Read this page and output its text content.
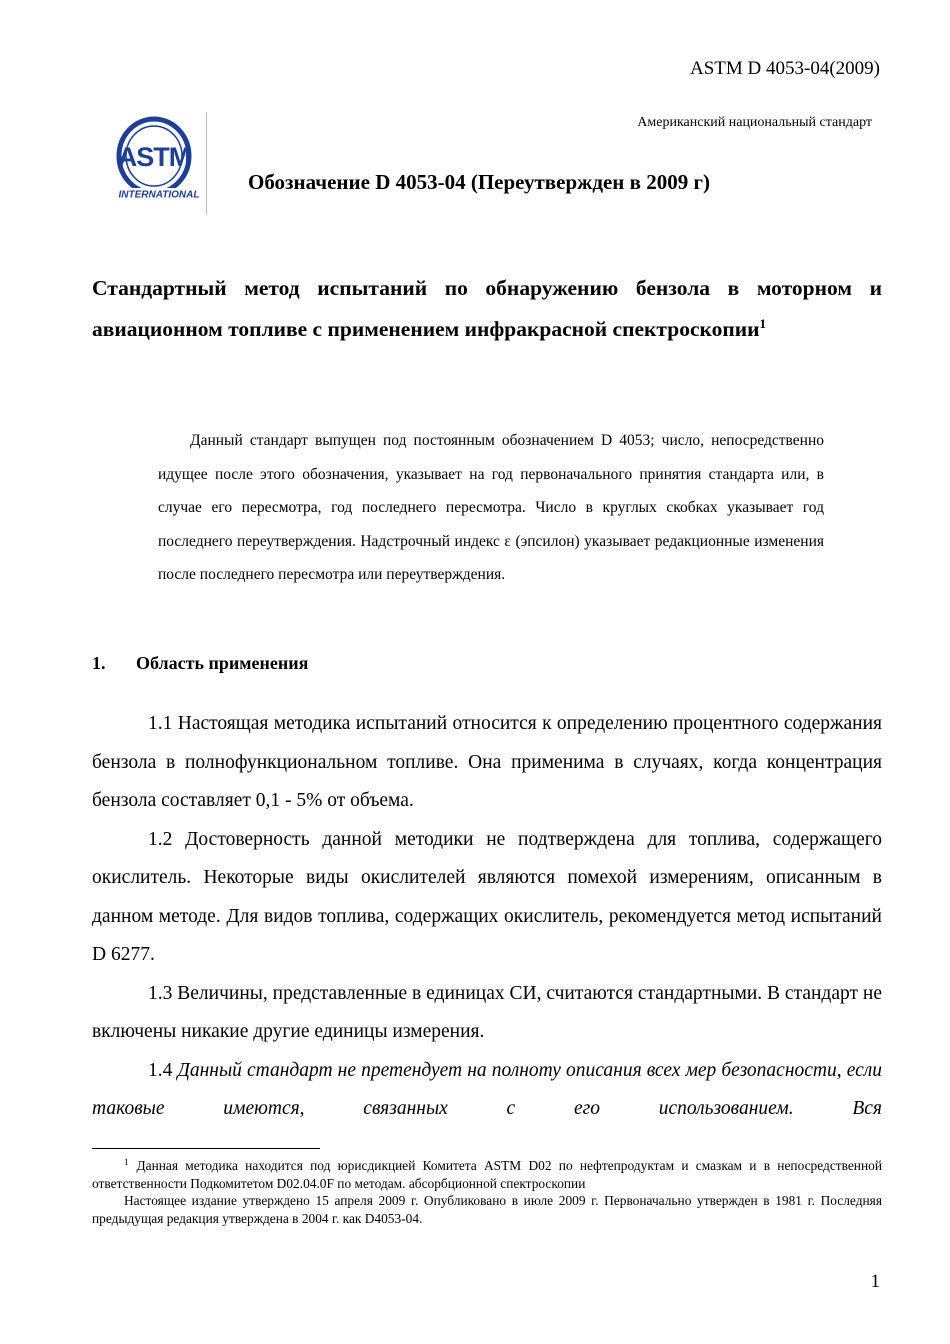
ASTM D 4053-04(2009)
Американский национальный стандарт
ASTM
INTERNATIONAL
Обозначение D 4053-04 (Переутвержден в 2009 г)
Стандартный метод испытаний по обнаружению бензола в моторном и авиационном топливе с применением инфракрасной спектроскопии$^1$
Данный стандарт выпущен под постоянным обозначением D 4053; число, непосредственно идущее после этого обозначения, указывает на год первоначального принятия стандарта или, в случае его пересмотра, год последнего пересмотра. Число в круглых скобках указывает год последнего переутверждения. Надстрочный индекс ε (эпсилон) указывает редакционные изменения после последнего пересмотра или переутверждения.
1. Область применения

1.1 Настоящая методика испытаний относится к определению процентного содержания бензола в полнофункциональном топливе. Она применима в случаях, когда концентрация бензола составляет 0,1 - 5% от объема.

1.2 Достоверность данной методики не подтверждена для топлива, содержащего окислитель. Некоторые виды окислителей являются помехой измерениям, описанным в данном методе. Для видов топлива, содержащих окислитель, рекомендуется метод испытаний D 6277.

1.3 Величины, представленные в единицах СИ, считаются стандартными. В стандарт не включены никакие другие единицы измерения.

1.4 Данный стандарт не претендует на полноту описания всех мер безопасности, если таковые имеются, связанных с его использованием. Вся

$^1$ Данная методика находится под юрисдикцией Комитета ASTM D02 по нефтепродуктам и смазкам и в непосредственной ответственности Подкомитетом D02.04.0F по методам. абсорбционной спектроскопии

Настоящее издание утверждено 15 апреля 2009 г. Опубликовано в июле 2009 г. Первоначально утвержден в 1981 г. Последняя предыдущая редакция утверждена в 2004 г. как D4053-04.

1
